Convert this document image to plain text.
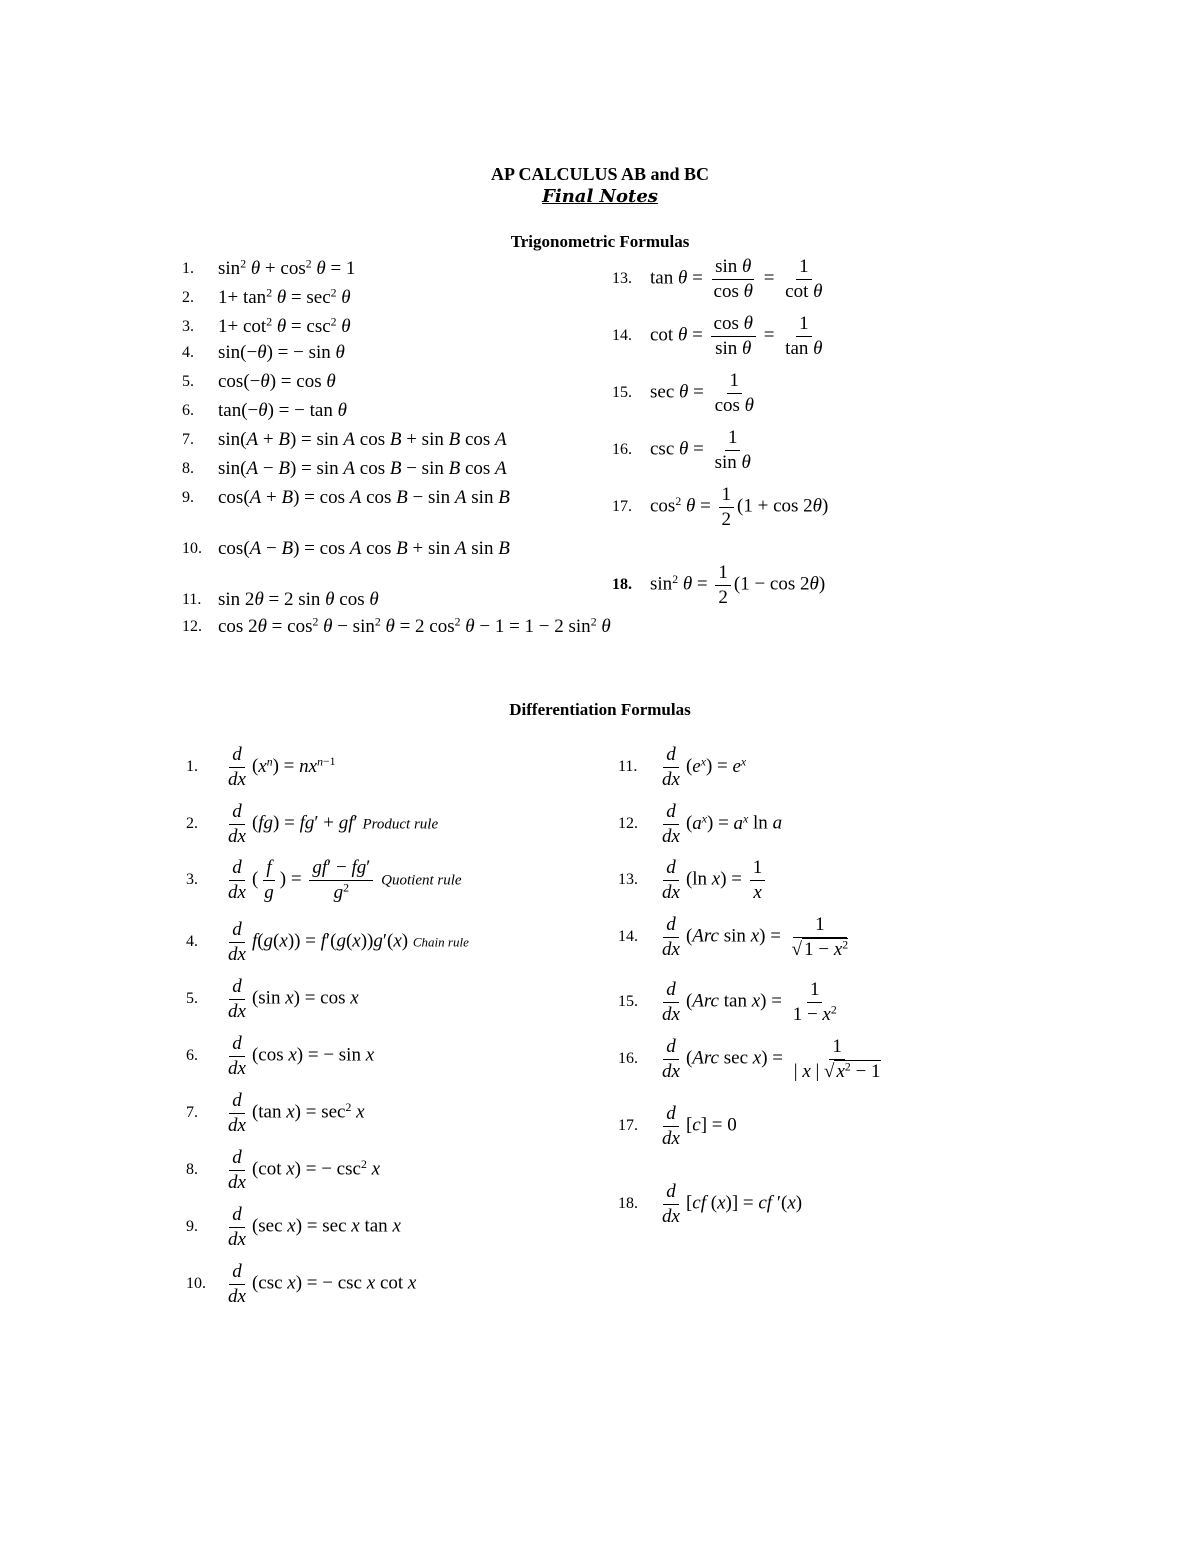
AP CALCULUS AB and BC
Final Notes
Trigonometric Formulas
1.	$\sin^2 \theta + \cos^2 \theta = 1$
2.	$1+ \tan^2 \theta = \sec^2 \theta$
3.	$1+ \cot^2 \theta = \csc^2 \theta$
4.	sin(−θ) = − sin θ
5.	cos(−θ) = cos θ
6.	tan(−θ) = − tan θ
7.	sin(A + B) = sin A cos B + sin B cos A
8.	sin(A − B) = sin A cos B − sin B cos A
9.	cos(A + B) = cos A cos B − sin A sin B
10. cos(A − B) = cos A cos B + sin A sin B
11. sin 2θ = 2 sin θ cos θ
12. $\cos 2\theta = \cos^2 \theta - \sin^2 \theta = 2$ $\cos^2 \theta - 1 = 1 - 2$ $\sin^2 \theta$
13. $\tan \theta = \frac{\text{sin θ}}{\text{cos θ}} = \frac{1}{\text{cot θ}}$
14. $\cot \theta = \frac{\text{cos θ}}{\text{sin θ}} = \frac{1}{\text{tan θ}}$
15. $\sec \theta = \frac{1}{\text{cos θ}}$
16. $\csc \theta = \frac{1}{\text{sin θ}}$
17. $\cos^2 \theta = \frac{1}{2} (1 + \cos 2\theta)$
18. $\sin^2 \theta = \frac{1}{2} (1 - \cos 2\theta)$
Differentiation Formulas
1.	$\frac{d}{dx} (x^n) = nx^{n-1}$
2.	$\frac{d}{dx} (fg) = fg' + gf'$ Product rule
3.	$\frac{d}{dx}$ ( $\frac{f}{g}$ ) = $\frac{gf' - fg'}{g^2}$ Quotient rule
4.	$\frac{d}{dx} f(g(x)) = f'(g(x))g'(x)$ Chain rule
5.	$\frac{d}{dx} (\sin$ x) = cos x
6.	$\frac{d}{dx} (\cos$ x) = − sin x
7.	$\frac{d}{dx} (\tan$ $x) = \sec^2 x$
8.	$\frac{d}{dx} (\cot$ x) = − $\csc^2 x$
9.	$\frac{d}{dx} (\sec$ x) = sec x tan x
10.	$\frac{d}{dx} (\csc$ x) = − csc x cot x
11.	$\frac{d}{dx} (e^x) = e^x$
12.	$\frac{d}{dx} (a^x) = a^x$ ln a
13.	$\frac{d}{dx} (\ln$ $x) = \frac{1}{x}$
14.	$\frac{d}{dx} (Arc$ $\sin x) = \frac{1}{√ 1 - x^2}$
15.	$\frac{d}{dx} (Arc$ $\tan x) = \frac{1}{1 - x^2}$
16.	$\frac{d}{dx} (Arc$ $\sec x) = \frac{1}{| x | √ x^2 - 1}$
17.	$\frac{d}{dx} [c] = 0$
18.	$\frac{d}{dx} [cf$ (x)] = cf ′(x)
